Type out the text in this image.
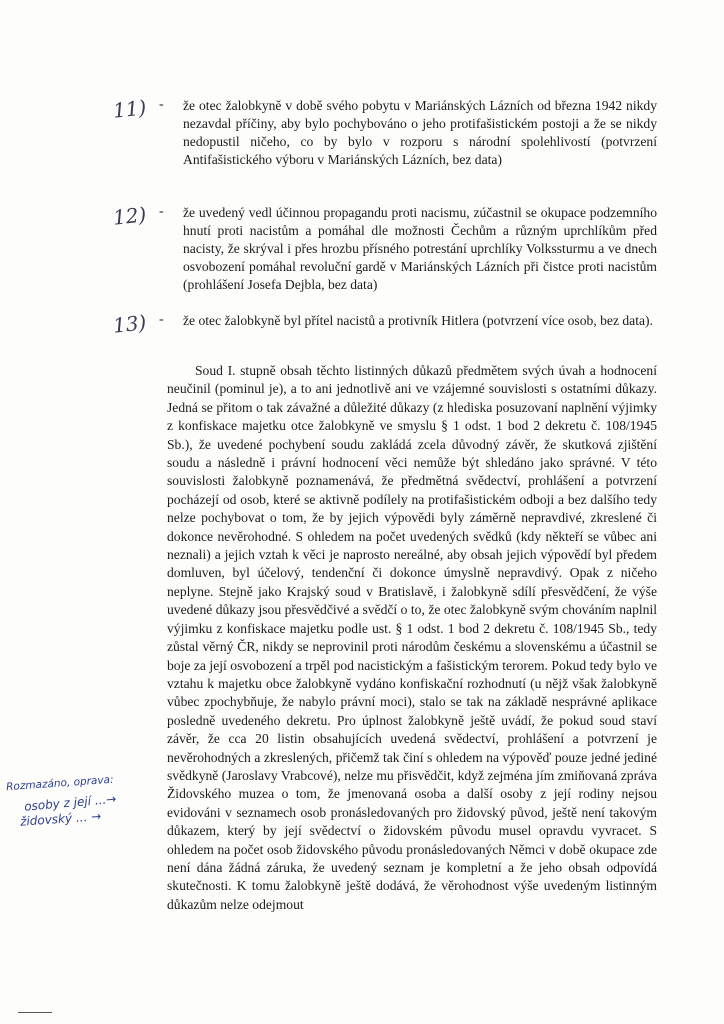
11) - že otec žalobkyně v době svého pobytu v Mariánských Lázních od března 1942 nikdy nezavdal příčiny, aby bylo pochybováno o jeho protifašistickém postoji a že se nikdy nedopustil ničeho, co by bylo v rozporu s národní spolehlivostí (potvrzení Antifašistického výboru v Mariánských Lázních, bez data)

12) - že uvedený vedl účinnou propagandu proti nacismu, zúčastnil se okupace podzemního hnutí proti nacistům a pomáhal dle možnosti Čechům a různým uprchlíkům před nacisty, že skrýval i přes hrozbu přísného potrestání uprchlíky Volkssturmu a ve dnech osvobození pomáhal revoluční gardě v Mariánských Lázních při čistce proti nacistům (prohlášení Josefa Dejbla, bez data)

13) - že otec žalobkyně byl přítel nacistů a protivník Hitlera (potvrzení více osob, bez data).

Soud I. stupně obsah těchto listinných důkazů předmětem svých úvah a hodnocení neučinil (pominul je), a to ani jednotlivě ani ve vzájemné souvislosti s ostatními důkazy. Jedná se přitom o tak závažné a důležité důkazy (z hlediska posuzovaní naplnění výjimky z konfiskace majetku otce žalobkyně ve smyslu § 1 odst. 1 bod 2 dekretu č. 108/1945 Sb.), že uvedené pochybení soudu zakládá zcela důvodný závěr, že skutková zjištění soudu a následně i právní hodnocení věci nemůže být shledáno jako správné. V této souvislosti žalobkyně poznamenává, že předmětná svědectví, prohlášení a potvrzení pocházejí od osob, které se aktivně podílely na protifašistickém odboji a bez dalšího tedy nelze pochybovat o tom, že by jejich výpovědi byly záměrně nepravdivé, zkreslené či dokonce nevěrohodné. S ohledem na počet uvedených svědků (kdy někteří se vůbec ani neznali) a jejich vztah k věci je naprosto nereálné, aby obsah jejich výpovědí byl předem domluven, byl účelový, tendenční či dokonce úmyslně nepravdivý. Opak z ničeho neplyne. Stejně jako Krajský soud v Bratislavě, i žalobkyně sdílí přesvědčení, že výše uvedené důkazy jsou přesvědčivé a svědčí o to, že otec žalobkyně svým chováním naplnil výjimku z konfiskace majetku podle ust. § 1 odst. 1 bod 2 dekretu č. 108/1945 Sb., tedy zůstal věrný ČR, nikdy se neprovinil proti národům českému a slovenskému a účastnil se boje za její osvobození a trpěl pod nacistickým a fašistickým terorem. Pokud tedy bylo ve vztahu k majetku obce žalobkyně vydáno konfiskační rozhodnutí (u nějž však žalobkyně vůbec zpochybňuje, že nabylo právní moci), stalo se tak na základě nesprávné aplikace posledně uvedeného dekretu. Pro úplnost žalobkyně ještě uvádí, že pokud soud staví závěr, že cca 20 listin obsahujících uvedená svědectví, prohlášení a potvrzení je nevěrohodných a zkreslených, přičemž tak činí s ohledem na výpověď pouze jedné jediné svědkyně (Jaroslavy Vrabcové), nelze mu přisvědčit, když zejména jím zmiňovaná zpráva Židovského muzea o tom, že jmenovaná osoba a další osoby z její rodiny nejsou evidováni v seznamech osob pronásledovaných pro židovský původ, ještě není takovým důkazem, který by její svědectví o židovském původu musel opravdu vyvracet. S ohledem na počet osob židovského původu pronásledovaných Němci v době okupace zde není dána žádná záruka, že uvedený seznam je kompletní a že jeho obsah odpovídá skutečnosti. K tomu žalobkyně ještě dodává, že věrohodnost výše uvedeným listinným důkazům nelze odejmout

Rozmazáno, oprava:
osoby z její ...→
židovský ... →
